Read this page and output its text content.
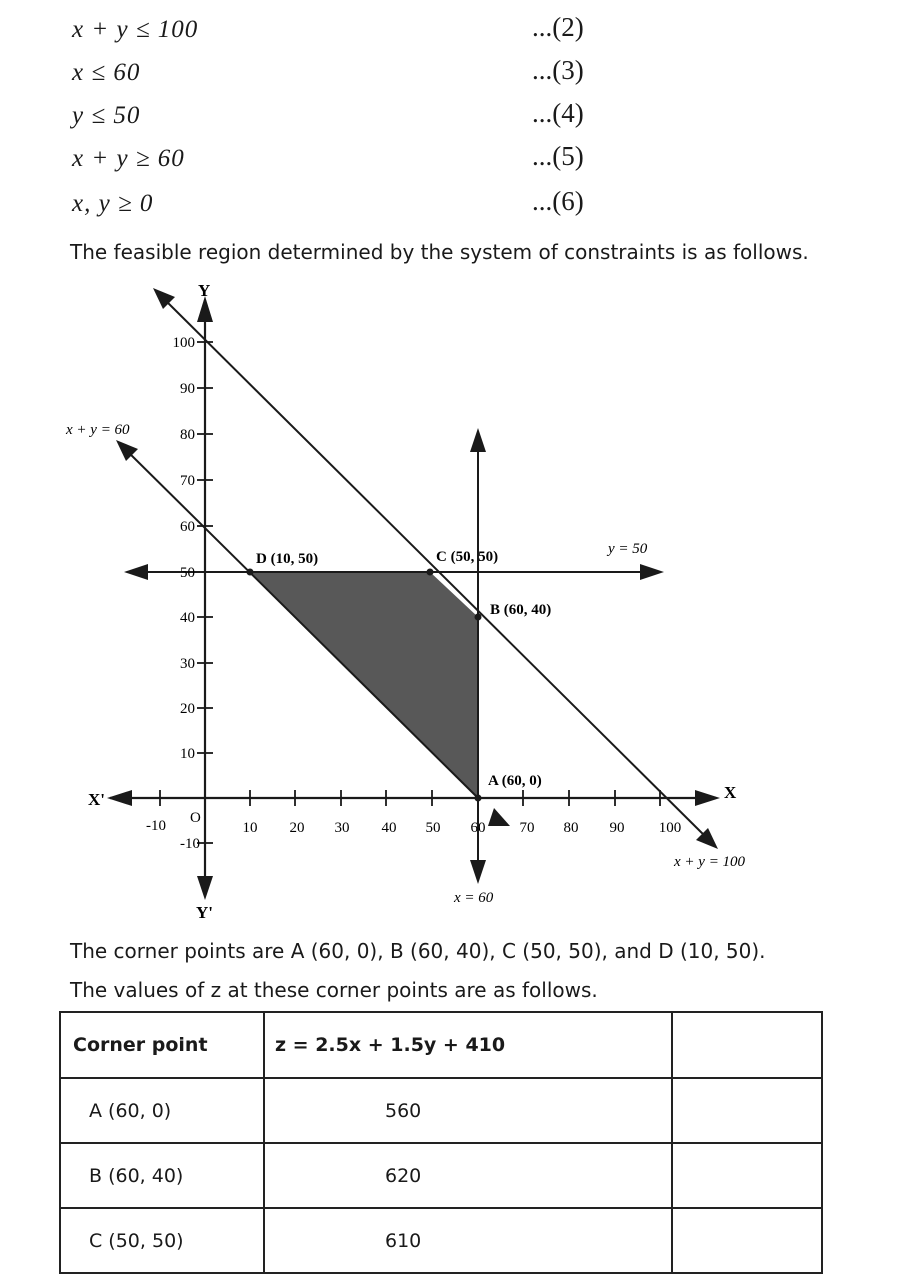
x + y ≤ 100	...(2)
x ≤ 60	...(3)
y ≤ 50	...(4)
x + y ≥ 60	...(5)
x, y ≥ 0	...(6)
The feasible region determined by the system of constraints is as follows.
Y
Y'
X
X'
O
-10	10 20 30 40 50 60 70 80 90 100
100
90
80
70
60
50
40
30
20
10
-10
x + y = 60
y = 50
x = 60
x + y = 100
A (60, 0)
B (60, 40)
C (50, 50)
D (10, 50)
The corner points are A (60, 0), B (60, 40), C (50, 50), and D (10, 50).
The values of z at these corner points are as follows.
Corner point	z = 2.5x + 1.5y + 410	
A (60, 0)	560	
B (60, 40)	620	
C (50, 50)	610	
